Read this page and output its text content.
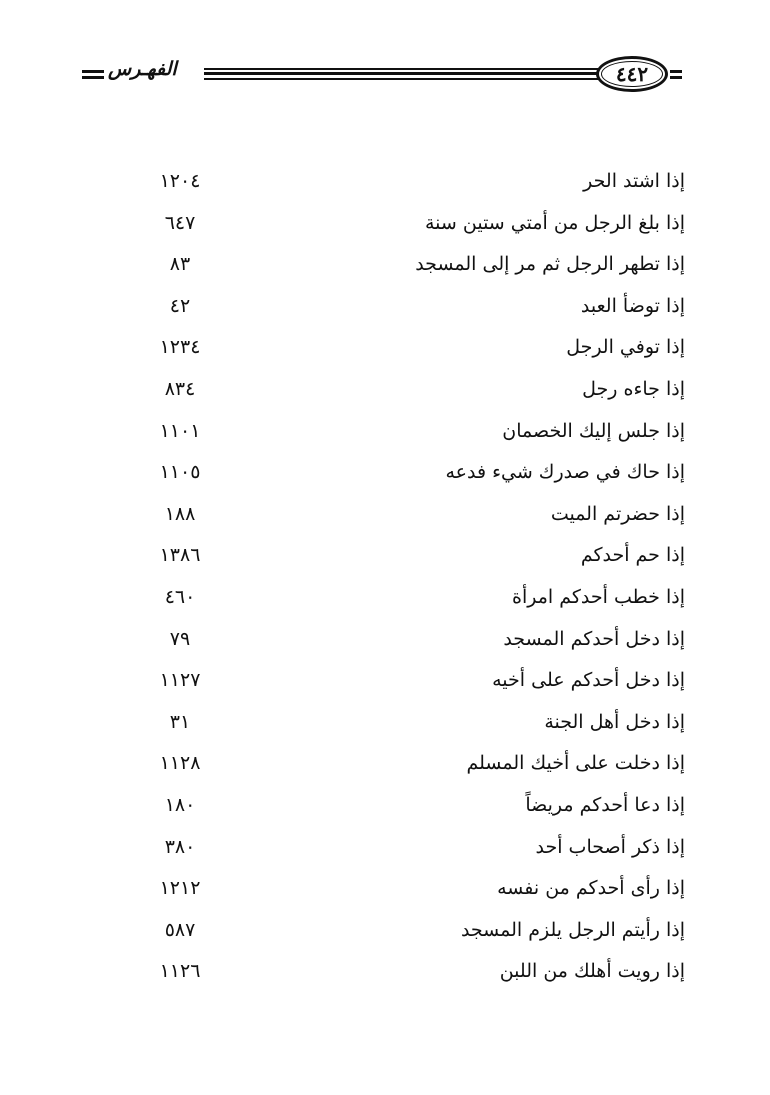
الفهـرس	٤٤٢
إذا اشتد الحر
١٢٠٤
إذا بلغ الرجل من أمتي ستين سنة
٦٤٧
إذا تطهر الرجل ثم مر إلى المسجد
٨٣
إذا توضأ العبد
٤٢
إذا توفي الرجل
١٢٣٤
إذا جاءه رجل
٨٣٤
إذا جلس إليك الخصمان
١١٠١
إذا حاك في صدرك شيء فدعه
١١٠٥
إذا حضرتم الميت
١٨٨
إذا حم أحدكم
١٣٨٦
إذا خطب أحدكم امرأة
٤٦٠
إذا دخل أحدكم المسجد
٧٩
إذا دخل أحدكم على أخيه
١١٢٧
إذا دخل أهل الجنة
٣١
إذا دخلت على أخيك المسلم
١١٢٨
إذا دعا أحدكم مريضاً
١٨٠
إذا ذكر أصحاب أحد
٣٨٠
إذا رأى أحدكم من نفسه
١٢١٢
إذا رأيتم الرجل يلزم المسجد
٥٨٧
إذا رويت أهلك من اللبن
١١٢٦
